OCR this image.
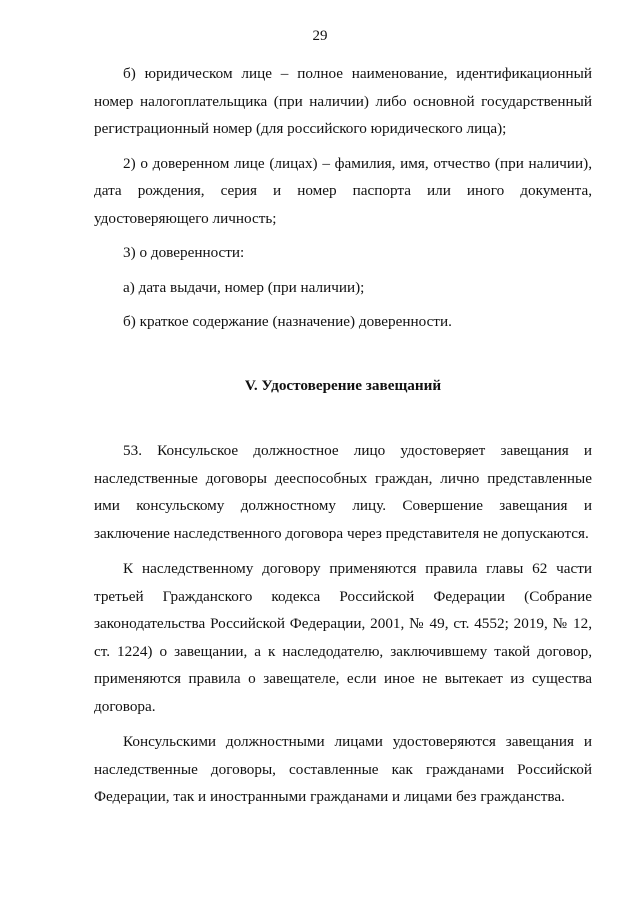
29

б) юридическом лице – полное наименование, идентификационный номер налогоплательщика (при наличии) либо основной государственный регистрационный номер (для российского юридического лица);

2) о доверенном лице (лицах) – фамилия, имя, отчество (при наличии), дата рождения, серия и номер паспорта или иного документа, удостоверяющего личность;

3) о доверенности:

а) дата выдачи, номер (при наличии);

б) краткое содержание (назначение) доверенности.

V. Удостоверение завещаний

53. Консульское должностное лицо удостоверяет завещания и наследственные договоры дееспособных граждан, лично представленные ими консульскому должностному лицу. Совершение завещания и заключение наследственного договора через представителя не допускаются.

К наследственному договору применяются правила главы 62 части третьей Гражданского кодекса Российской Федерации (Собрание законодательства Российской Федерации, 2001, № 49, ст. 4552; 2019, № 12, ст. 1224) о завещании, а к наследодателю, заключившему такой договор, применяются правила о завещателе, если иное не вытекает из существа договора.

Консульскими должностными лицами удостоверяются завещания и наследственные договоры, составленные как гражданами Российской Федерации, так и иностранными гражданами и лицами без гражданства.
